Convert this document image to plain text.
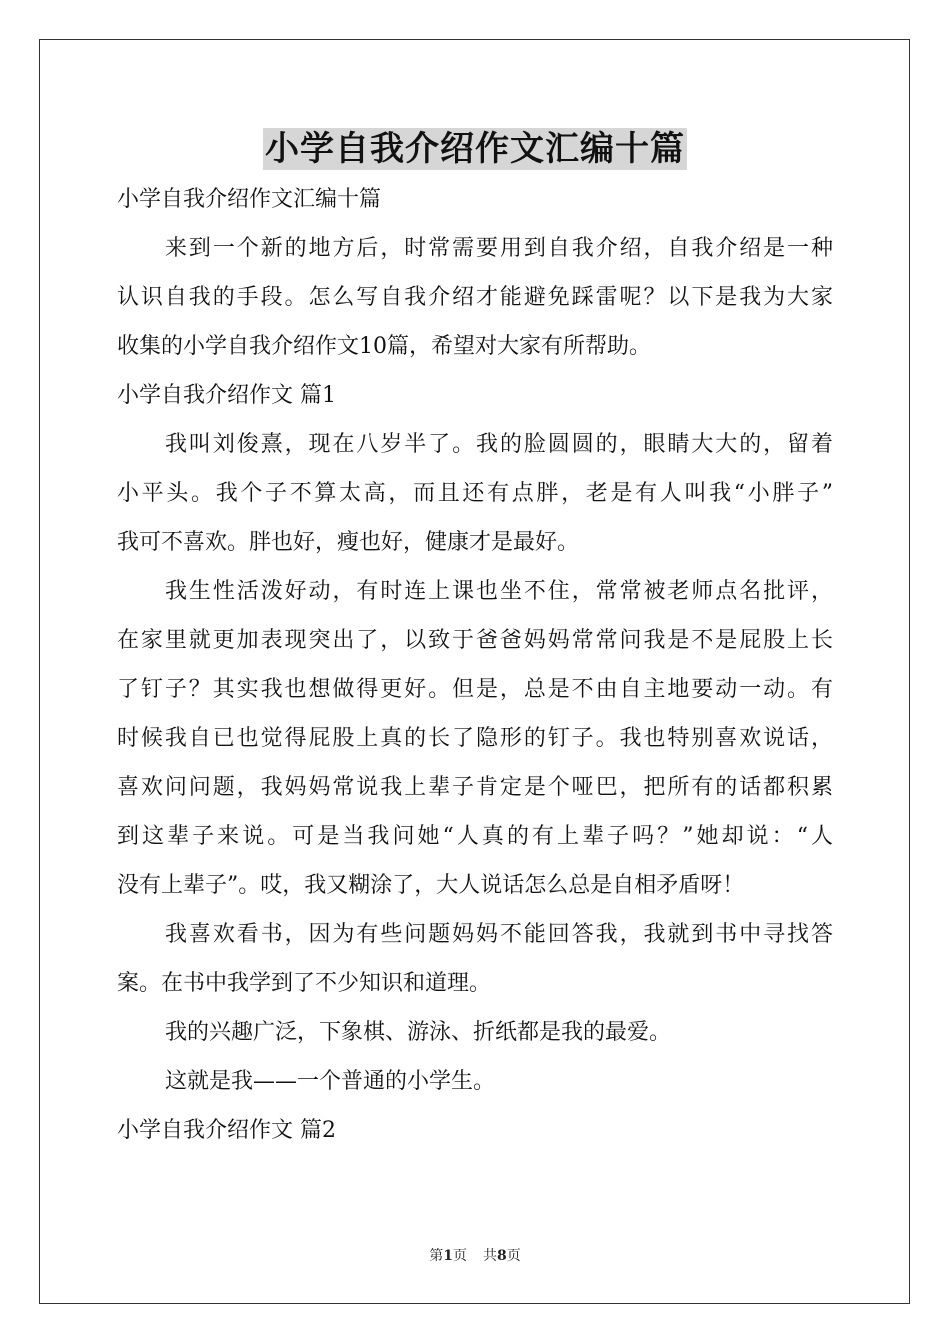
小学自我介绍作文汇编十篇
小学自我介绍作文汇编十篇
来到一个新的地方后，时常需要用到自我介绍，自我介绍是一种
认识自我的手段。怎么写自我介绍才能避免踩雷呢？以下是我为大家
收集的小学自我介绍作文10篇，希望对大家有所帮助。
小学自我介绍作文 篇1
我叫刘俊熹，现在八岁半了。我的脸圆圆的，眼睛大大的，留着
小平头。我个子不算太高，而且还有点胖，老是有人叫我“小胖子”
我可不喜欢。胖也好，瘦也好，健康才是最好。
我生性活泼好动，有时连上课也坐不住，常常被老师点名批评，
在家里就更加表现突出了，以致于爸爸妈妈常常问我是不是屁股上长
了钉子？其实我也想做得更好。但是，总是不由自主地要动一动。有
时候我自已也觉得屁股上真的长了隐形的钉子。我也特别喜欢说话，
喜欢问问题，我妈妈常说我上辈子肯定是个哑巴，把所有的话都积累
到这辈子来说。可是当我问她“人真的有上辈子吗？”她却说：“人
没有上辈子”。哎，我又糊涂了，大人说话怎么总是自相矛盾呀！
我喜欢看书，因为有些问题妈妈不能回答我，我就到书中寻找答
案。在书中我学到了不少知识和道理。
我的兴趣广泛，下象棋、游泳、折纸都是我的最爱。
这就是我——一个普通的小学生。
小学自我介绍作文 篇2
第1页 共8页
